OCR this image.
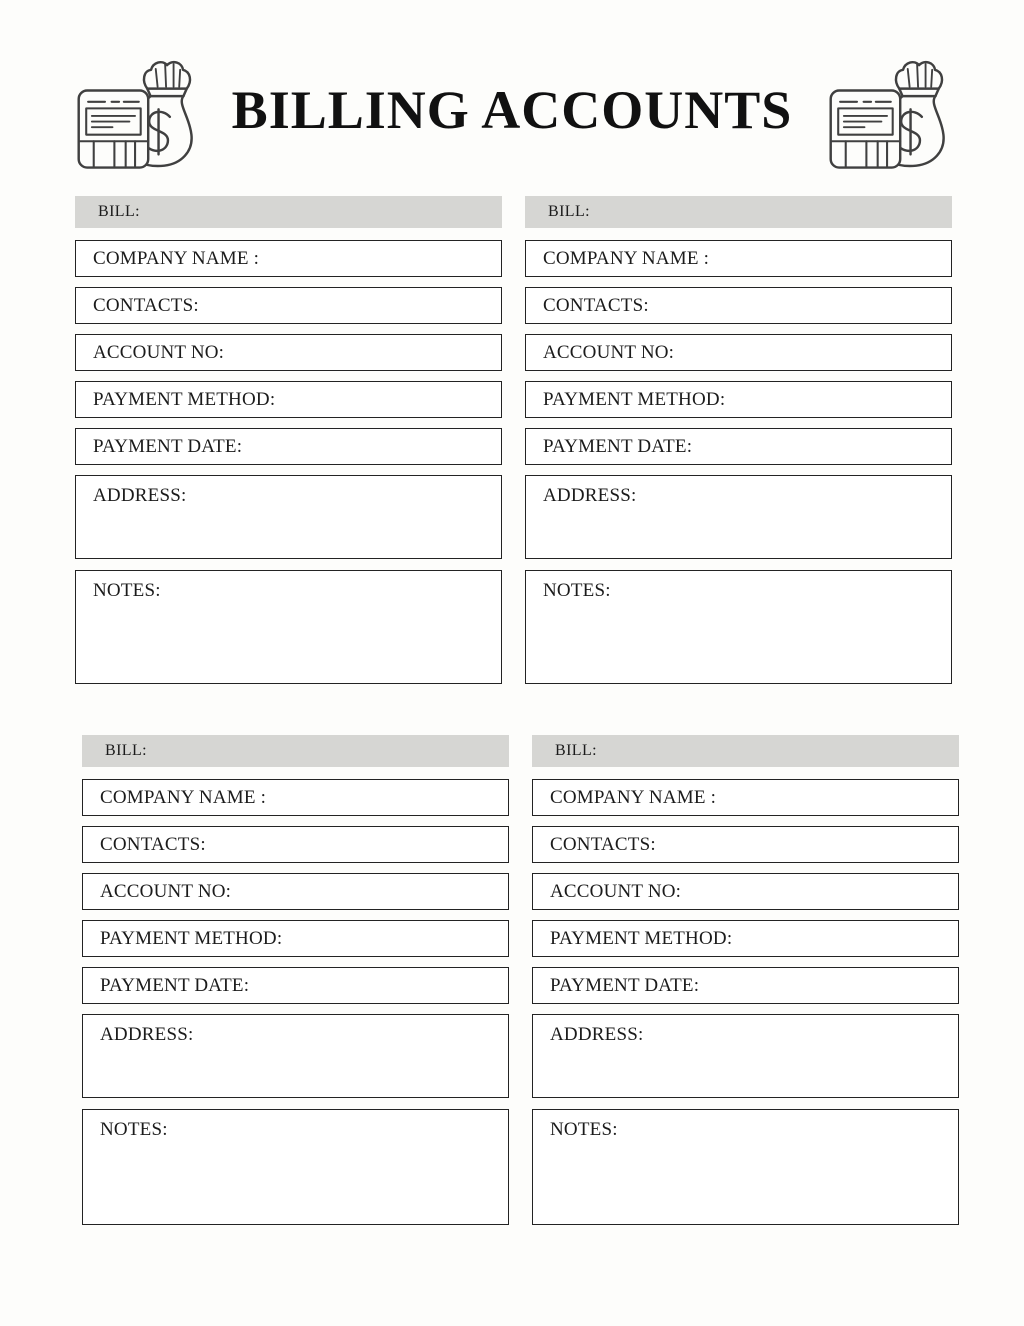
BILLING ACCOUNTS
BILL:
COMPANY NAME :
CONTACTS:
ACCOUNT NO:
PAYMENT METHOD:
PAYMENT DATE:
ADDRESS:
NOTES:
BILL:
COMPANY NAME :
CONTACTS:
ACCOUNT NO:
PAYMENT METHOD:
PAYMENT DATE:
ADDRESS:
NOTES:
BILL:
COMPANY NAME :
CONTACTS:
ACCOUNT NO:
PAYMENT METHOD:
PAYMENT DATE:
ADDRESS:
NOTES:
BILL:
COMPANY NAME :
CONTACTS:
ACCOUNT NO:
PAYMENT METHOD:
PAYMENT DATE:
ADDRESS:
NOTES:
